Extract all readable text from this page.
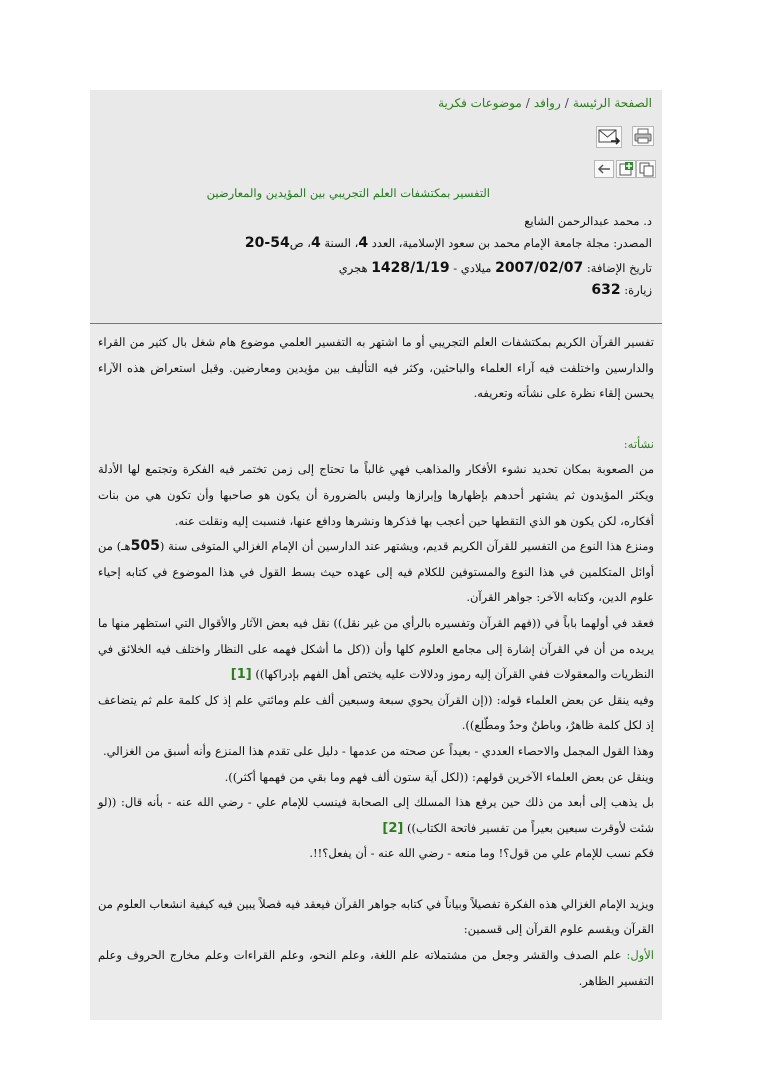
الصفحة الرئيسة/روافد/موضوعات فكرية
التفسير بمكتشفات العلم التجريبي بين المؤيدين والمعارضين
د. محمد عبدالرحمن الشايع
المصدر: مجلة جامعة الإمام محمد بن سعود الإسلامية، العدد 4، السنة 4، ص20-54
تاريخ الإضافة: 2007/02/07 ميلادي - 1428/1/19 هجري
زيارة: 632

تفسير القرآن الكريم بمكتشفات العلم التجريبي أو ما اشتهر به التفسير العلمي موضوع هام شغل بال كثير من القراء والدارسين واختلفت فيه آراء العلماء والباحثين، وكثر فيه التأليف بين مؤيدين ومعارضين. وقبل استعراض هذه الآراء يحسن إلقاء نظرة على نشأته وتعريفه.

نشأته:

من الصعوبة بمكان تحديد نشوء الأفكار والمذاهب فهي غالباً ما تحتاج إلى زمن تختمر فيه الفكرة وتجتمع لها الأدلة ويكثر المؤيدون ثم يشتهر أحدهم بإظهارها وإبرازها وليس بالضرورة أن يكون هو صاحبها وأن تكون هي من بنات أفكاره، لكن يكون هو الذي التقطها حين أعجب بها فذكرها ونشرها ودافع عنها، فنسبت إليه ونقلت عنه.

ومنزع هذا النوع من التفسير للقرآن الكريم قديم، ويشتهر عند الدارسين أن الإمام الغزالي المتوفى سنة (505هـ) من أوائل المتكلمين في هذا النوع والمستوفين للكلام فيه إلى عهده حيث بسط القول في هذا الموضوع في كتابه إحياء علوم الدين، وكتابه الآخر: جواهر القرآن.

فعقد في أولهما باباً في ((فهم القرآن وتفسيره بالرأي من غير نقل)) نقل فيه بعض الآثار والأقوال التي استظهر منها ما يريده من أن في القرآن إشارة إلى مجامع العلوم كلها وأن ((كل ما أشكل فهمه على النظار واختلف فيه الخلائق في النظريات والمعقولات ففي القرآن إليه رموز ودلالات عليه يختص أهل الفهم بإدراكها)) [1]

وفيه ينقل عن بعض العلماء قوله: ((إن القرآن يحوي سبعة وسبعين ألف علم ومائتي علم إذ كل كلمة علم ثم يتضاعف إذ لكل كلمة ظاهرٌ، وباطنٌ وحدٌ ومطّلع)).

وهذا القول المجمل والاحصاء العددي - بعيداً عن صحته من عدمها - دليل على تقدم هذا المنزع وأنه أسبق من الغزالي.

وينقل عن بعض العلماء الآخرين قولهم: ((لكل آية ستون ألف فهم وما بقي من فهمها أكثر)).

بل يذهب إلى أبعد من ذلك حين يرفع هذا المسلك إلى الصحابة فينسب للإمام علي - رضي الله عنه - بأنه قال: ((لو شئت لأوقرت سبعين بعيراً من تفسير فاتحة الكتاب)) [2]

فكم نسب للإمام علي من قول؟! وما منعه - رضي الله عنه - أن يفعل؟!!.

ويزيد الإمام الغزالي هذه الفكرة تفصيلاً وبياناً في كتابه جواهر القرآن فيعقد فيه فصلاً يبين فيه كيفية انشعاب العلوم من القرآن ويقسم علوم القرآن إلى قسمين:

الأول: علم الصدف والقشر وجعل من مشتملاته علم اللغة، وعلم النحو، وعلم القراءات وعلم مخارج الحروف وعلم التفسير الظاهر.
